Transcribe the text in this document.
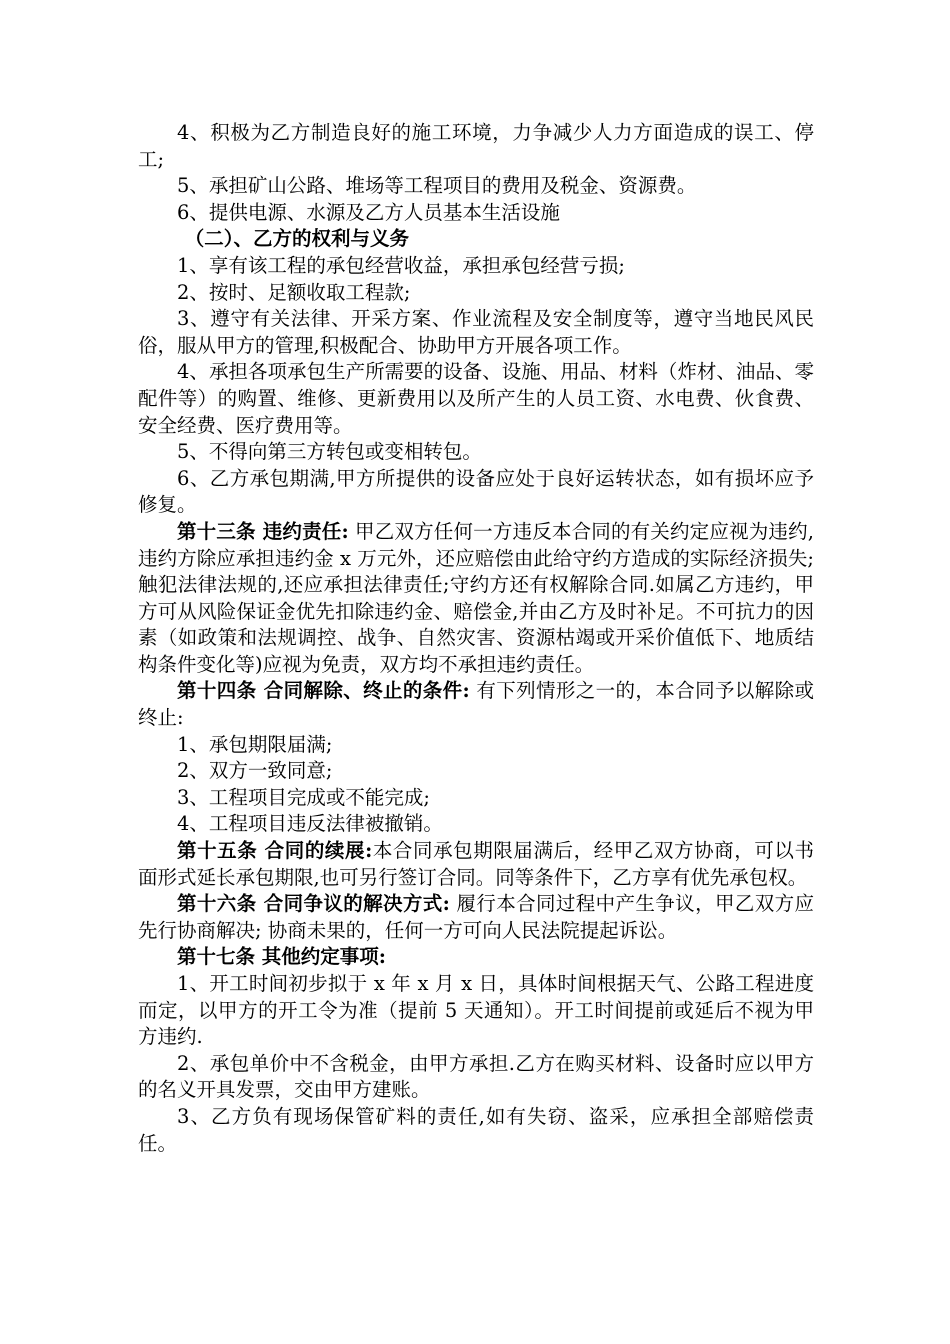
4、积极为乙方制造良好的施工环境，力争减少人力方面造成的误工、停工;

5、承担矿山公路、堆场等工程项目的费用及税金、资源费。

6、提供电源、水源及乙方人员基本生活设施

（二）、乙方的权利与义务

1、享有该工程的承包经营收益，承担承包经营亏损;

2、按时、足额收取工程款;

3、遵守有关法律、开采方案、作业流程及安全制度等，遵守当地民风民俗，服从甲方的管理,积极配合、协助甲方开展各项工作。

4、承担各项承包生产所需要的设备、设施、用品、材料（炸材、油品、零配件等）的购置、维修、更新费用以及所产生的人员工资、水电费、伙食费、安全经费、医疗费用等。

5、不得向第三方转包或变相转包。

6、乙方承包期满,甲方所提供的设备应处于良好运转状态，如有损坏应予修复。

第十三条 违约责任: 甲乙双方任何一方违反本合同的有关约定应视为违约,违约方除应承担违约金 x 万元外，还应赔偿由此给守约方造成的实际经济损失;触犯法律法规的,还应承担法律责任;守约方还有权解除合同.如属乙方违约，甲方可从风险保证金优先扣除违约金、赔偿金,并由乙方及时补足。不可抗力的因素（如政策和法规调控、战争、自然灾害、资源枯竭或开采价值低下、地质结构条件变化等)应视为免责，双方均不承担违约责任。

第十四条 合同解除、终止的条件: 有下列情形之一的，本合同予以解除或终止:

1、承包期限届满;

2、双方一致同意;

3、工程项目完成或不能完成;

4、工程项目违反法律被撤销。

第十五条 合同的续展:本合同承包期限届满后，经甲乙双方协商，可以书面形式延长承包期限,也可另行签订合同。同等条件下，乙方享有优先承包权。

第十六条 合同争议的解决方式: 履行本合同过程中产生争议，甲乙双方应先行协商解决; 协商未果的，任何一方可向人民法院提起诉讼。

第十七条 其他约定事项:

1、开工时间初步拟于 x 年 x 月 x 日，具体时间根据天气、公路工程进度而定，以甲方的开工令为准（提前 5 天通知）。开工时间提前或延后不视为甲方违约.

2、承包单价中不含税金，由甲方承担.乙方在购买材料、设备时应以甲方的名义开具发票，交由甲方建账。

3、乙方负有现场保管矿料的责任,如有失窃、盗采，应承担全部赔偿责任。
